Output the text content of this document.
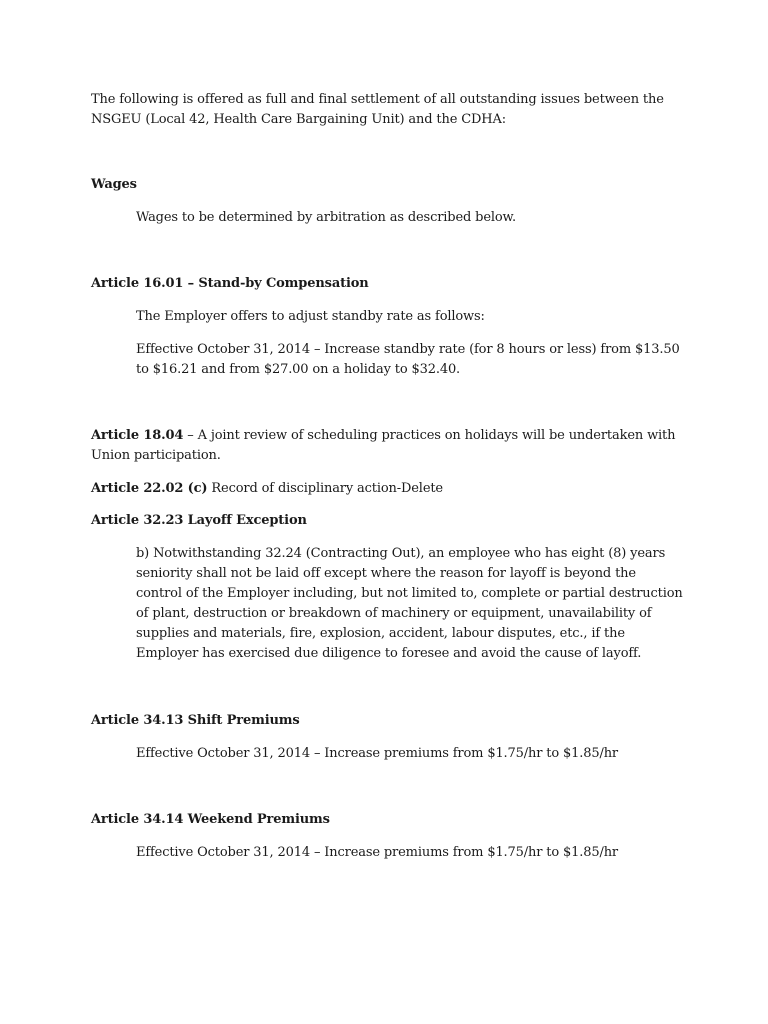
The following is offered as full and final settlement of all outstanding issues between the
NSGEU (Local 42, Health Care Bargaining Unit) and the CDHA:

Wages

Wages to be determined by arbitration as described below.

Article 16.01 – Stand-by Compensation

The Employer offers to adjust standby rate as follows:

Effective October 31, 2014 – Increase standby rate (for 8 hours or less) from $13.50
to $16.21 and from $27.00 on a holiday to $32.40.

Article 18.04 – A joint review of scheduling practices on holidays will be undertaken with
Union participation.

Article 22.02 (c) Record of disciplinary action-Delete

Article 32.23 Layoff Exception

b) Notwithstanding 32.24 (Contracting Out), an employee who has eight (8) years
seniority shall not be laid off except where the reason for layoff is beyond the
control of the Employer including, but not limited to, complete or partial destruction
of plant, destruction or breakdown of machinery or equipment, unavailability of
supplies and materials, fire, explosion, accident, labour disputes, etc., if the
Employer has exercised due diligence to foresee and avoid the cause of layoff.

Article 34.13 Shift Premiums

Effective October 31, 2014 – Increase premiums from $1.75/hr to $1.85/hr

Article 34.14 Weekend Premiums

Effective October 31, 2014 – Increase premiums from $1.75/hr to $1.85/hr
